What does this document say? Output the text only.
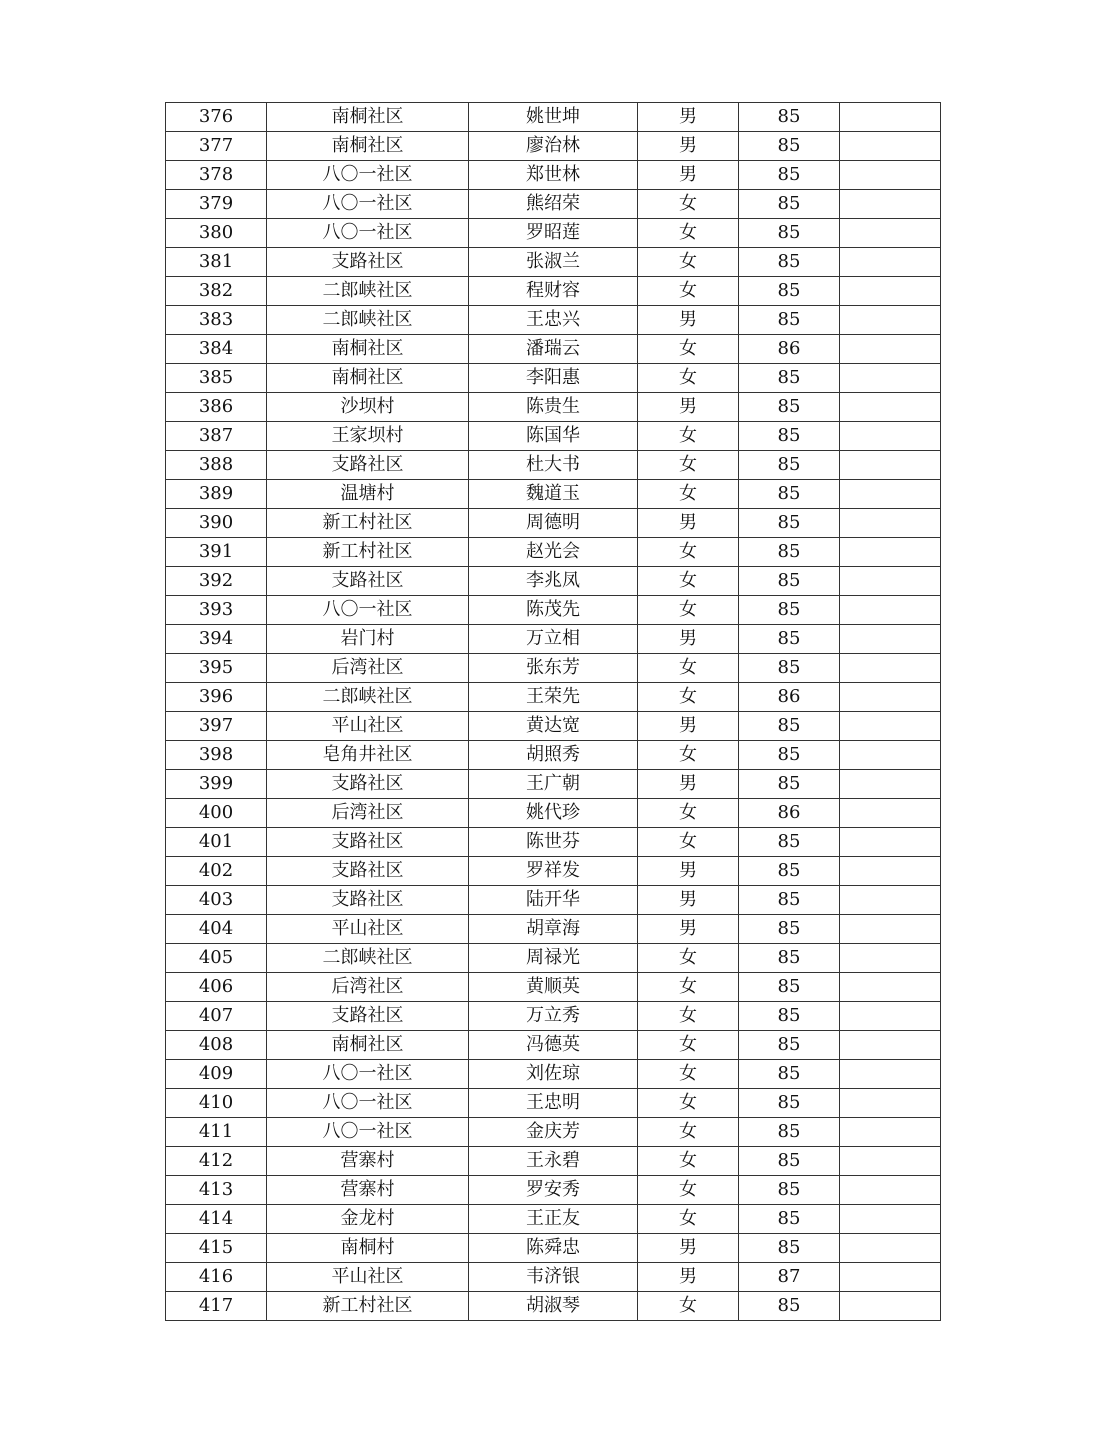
376	南桐社区	姚世坤	男	85	
377	南桐社区	廖治林	男	85	
378	八〇一社区	郑世林	男	85	
379	八〇一社区	熊绍荣	女	85	
380	八〇一社区	罗昭莲	女	85	
381	支路社区	张淑兰	女	85	
382	二郎峡社区	程财容	女	85	
383	二郎峡社区	王忠兴	男	85	
384	南桐社区	潘瑞云	女	86	
385	南桐社区	李阳惠	女	85	
386	沙坝村	陈贵生	男	85	
387	王家坝村	陈国华	女	85	
388	支路社区	杜大书	女	85	
389	温塘村	魏道玉	女	85	
390	新工村社区	周德明	男	85	
391	新工村社区	赵光会	女	85	
392	支路社区	李兆凤	女	85	
393	八〇一社区	陈茂先	女	85	
394	岩门村	万立相	男	85	
395	后湾社区	张东芳	女	85	
396	二郎峡社区	王荣先	女	86	
397	平山社区	黄达宽	男	85	
398	皂角井社区	胡照秀	女	85	
399	支路社区	王广朝	男	85	
400	后湾社区	姚代珍	女	86	
401	支路社区	陈世芬	女	85	
402	支路社区	罗祥发	男	85	
403	支路社区	陆开华	男	85	
404	平山社区	胡章海	男	85	
405	二郎峡社区	周禄光	女	85	
406	后湾社区	黄顺英	女	85	
407	支路社区	万立秀	女	85	
408	南桐社区	冯德英	女	85	
409	八〇一社区	刘佐琼	女	85	
410	八〇一社区	王忠明	女	85	
411	八〇一社区	金庆芳	女	85	
412	营寨村	王永碧	女	85	
413	营寨村	罗安秀	女	85	
414	金龙村	王正友	女	85	
415	南桐村	陈舜忠	男	85	
416	平山社区	韦济银	男	87	
417	新工村社区	胡淑琴	女	85	
